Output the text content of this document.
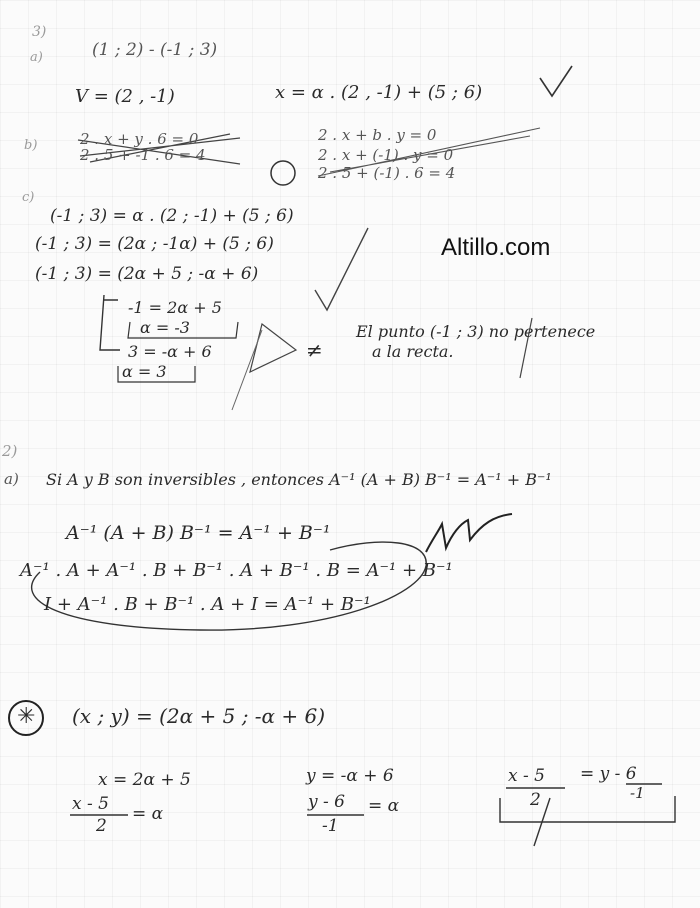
Altillo.com
3)
a)	(1 ; 2) - (-1 ; 3)
V = (2 , -1)	x = α . (2 , -1) + (5 ; 6)
b)	2 . x + y . 6 = 0
2 . 5 + -1 . 6 = 4
2 . x + b . y = 0
2 . x + (-1) . y = 0
2 . 5 + (-1) . 6 = 4
c)
(-1 ; 3) = α . (2 ; -1) + (5 ; 6)
(-1 ; 3) = (2α ; -1α) + (5 ; 6)
(-1 ; 3) = (2α + 5 ; -α + 6)
-1 = 2α + 5
α = -3
3 = -α + 6
α = 3
≠
El punto (-1 ; 3) no pertenece
a la recta.
2)
a) Si A y B son inversibles , entonces A⁻¹ (A + B) B⁻¹ = A⁻¹ + B⁻¹
A⁻¹ (A + B) B⁻¹ = A⁻¹ + B⁻¹
A⁻¹ . A + A⁻¹ . B + B⁻¹ . A + B⁻¹ . B = A⁻¹ + B⁻¹
I + A⁻¹ . B + B⁻¹ . A + I = A⁻¹ + B⁻¹
✳ (x ; y) = (2α + 5 ; -α + 6)
x = 2α + 5
x - 5 = α
2
y = -α + 6
y - 6 = α
-1
x - 5 = y - 6
2	-1
